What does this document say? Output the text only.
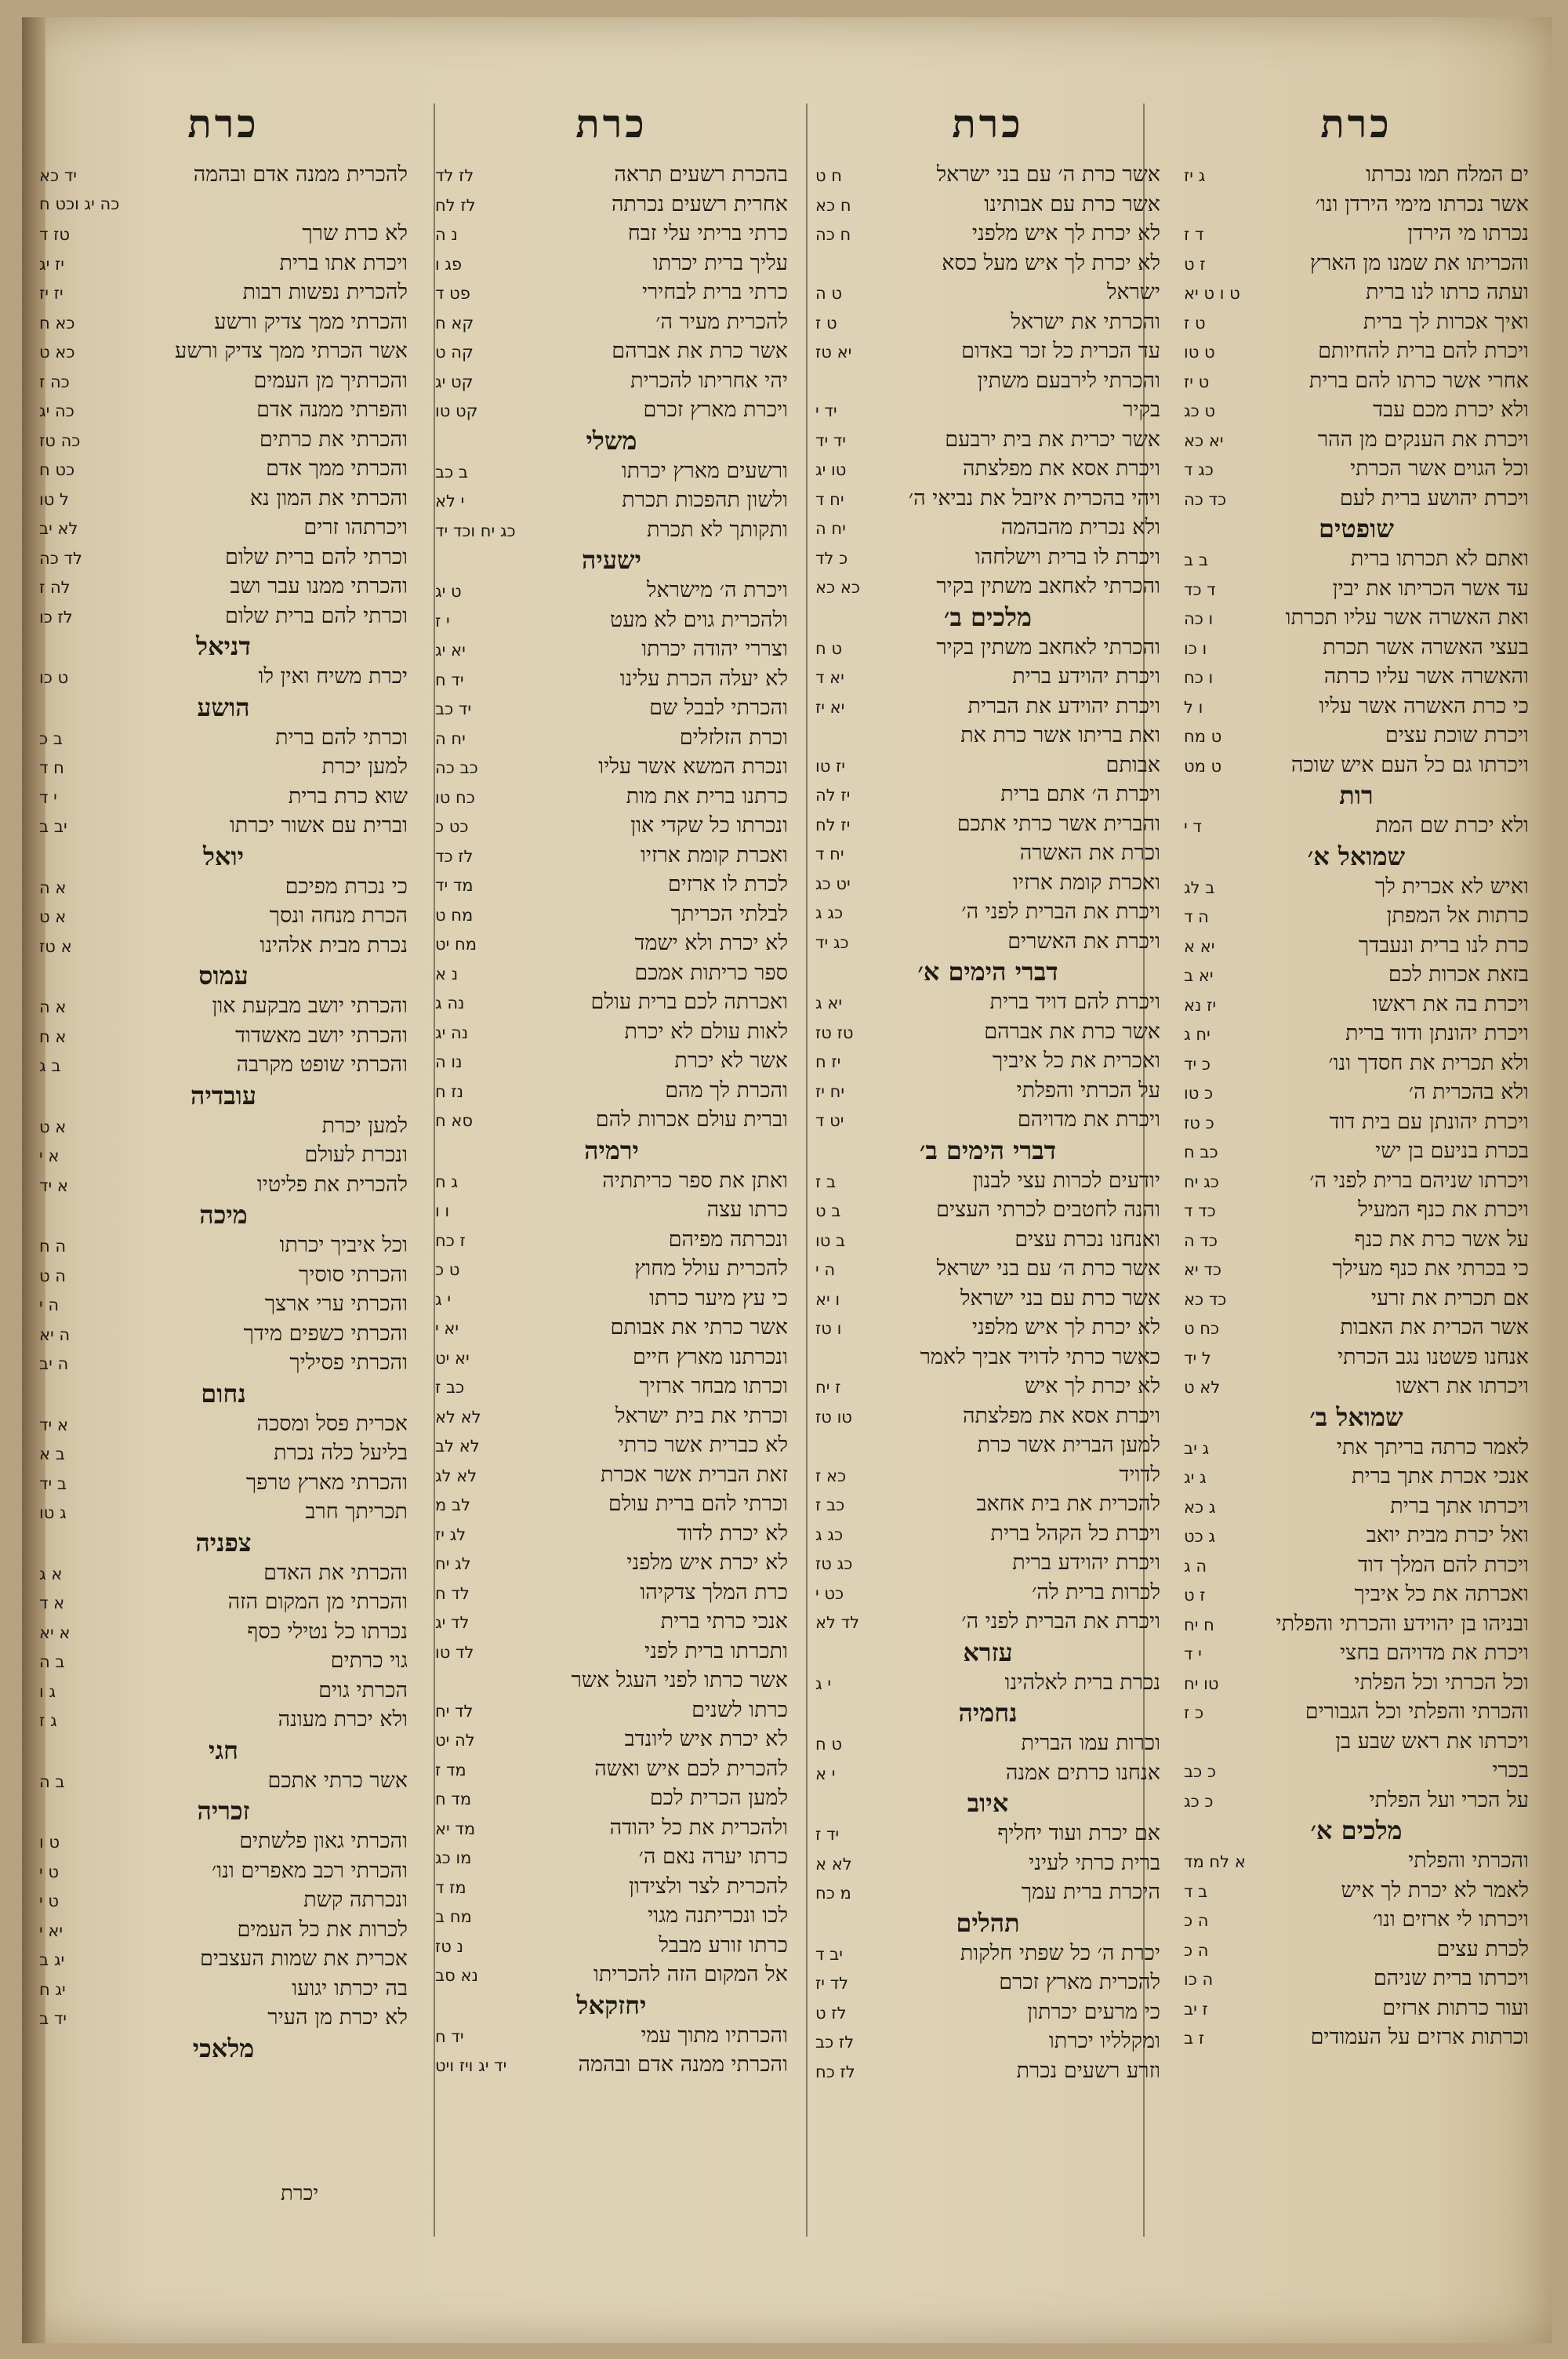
כרת
ים המלח תמו נכרתו
ג יז
אשר נכרתו מימי הירדן ונו׳
נכרתו מי הירדן
ד ז
והכריתו את שמנו מן הארץ
ז ט
ועתה כרתו לנו ברית
ט ו ט יא
ואיך אכרות לך ברית
ט ז
ויכרת להם ברית להחיותם
ט טו
אחרי אשר כרתו להם ברית
ט יז
ולא יכרת מכם עבד
ט כג
ויכרת את הענקים מן ההר
יא כא
וכל הגוים אשר הכרתי
כג ד
ויכרת יהושע ברית לעם
כד כה
שופטים
ואתם לא תכרתו ברית
ב ב
עד אשר הכריתו את יבין
ד כד
ואת האשרה אשר עליו תכרתו
ו כה
בעצי האשרה אשר תכרת
ו כו
והאשרה אשר עליו כרתה
ו כח
כי כרת האשרה אשר עליו
ו ל
ויכרת שוכת עצים
ט מח
ויכרתו גם כל העם איש שוכה
ט מט
רות
ולא יכרת שם המת
ד י
שמואל א׳
ואיש לא אכרית לך
ב לג
כרתות אל המפתן
ה ד
כרת לנו ברית ונעבדך
יא א
בזאת אכרות לכם
יא ב
ויכרת בה את ראשו
יז נא
ויכרת יהונתן ודוד ברית
יח ג
ולא תכרית את חסדך ונו׳
כ יד
ולא בהכרית ה׳
כ טו
ויכרת יהונתן עם בית דוד
כ טז
בכרת בניעם בן ישי
כב ח
ויכרתו שניהם ברית לפני ה׳
כג יח
ויכרת את כנף המעיל
כד ד
על אשר כרת את כנף
כד ה
כי בכרתי את כנף מעילך
כד יא
אם תכרית את זרעי
כד כא
אשר הכרית את האבות
כח ט
אנחנו פשטנו נגב הכרתי
ל יד
ויכרתו את ראשו
לא ט
שמואל ב׳
לאמר כרתה בריתך אתי
ג יב
אנכי אכרת אתך ברית
ג יג
ויכרתו אתך ברית
ג כא
ואל יכרת מבית יואב
ג כט
ויכרת להם המלך דוד
ה ג
ואכרתה את כל איביך
ז ט
ובניהו בן יהוידע והכרתי והפלתי
ח יח
ויכרת את מדויהם בחצי
י ד
וכל הכרתי וכל הפלתי
טו יח
והכרתי והפלתי וכל הגבורים
כ ז
ויכרתו את ראש שבע בן
בכרי
כ כב
על הכרי ועל הפלתי
כ כג
מלכים א׳
והכרתי והפלתי
א לח מד
לאמר לא יכרת לך איש
ב ד
ויכרתו לי ארזים ונו׳
ה כ
לכרת עצים
ה כ
ויכרתו ברית שניהם
ה כו
ועור כרתות ארזים
ז יב
וכרתות ארזים על העמודים
ז ב
כרת
אשר כרת ה׳ עם בני ישראל
ח ט
אשר כרת עם אבותינו
ח כא
לא יכרת לך איש מלפני
ח כה
לא יכרת לך איש מעל כסא
ישראל
ט ה
והכרתי את ישראל
ט ז
עד הכרית כל זכר באדום
יא טז
והכרתי לירבעם משתין
בקיר
יד י
אשר יכרית את בית ירבעם
יד יד
ויכרת אסא את מפלצתה
טו יג
ויהי בהכרית איזבל את נביאי ה׳
יח ד
ולא נכרית מהבהמה
יח ה
ויכרת לו ברית וישלחהו
כ לד
והכרתי לאחאב משתין בקיר
כא כא
מלכים ב׳
והכרתי לאחאב משתין בקיר
ט ח
ויכרת יהוידע ברית
יא ד
ויכרת יהוידע את הברית
יא יז
ואת בריתו אשר כרת את
אבותם
יז טו
ויכרת ה׳ אתם ברית
יז לה
והברית אשר כרתי אתכם
יז לח
וכרת את האשרה
יח ד
ואכרת קומת ארזיו
יט כג
ויכרת את הברית לפני ה׳
כג ג
ויכרת את האשרים
כג יד
דברי הימים א׳
ויכרת להם דויד ברית
יא ג
אשר כרת את אברהם
טז טז
ואכרית את כל איביך
יז ח
על הכרתי והפלתי
יח יז
ויכרת את מדויהם
יט ד
דברי הימים ב׳
יודעים לכרות עצי לבנון
ב ז
והנה לחטבים לכרתי העצים
ב ט
ואנחנו נכרת עצים
ב טו
אשר כרת ה׳ עם בני ישראל
ה י
אשר כרת עם בני ישראל
ו יא
לא יכרת לך איש מלפני
ו טז
כאשר כרתי לדויד אביך לאמר
לא יכרת לך איש
ז יח
ויכרת אסא את מפלצתה
טו טז
למען הברית אשר כרת
לדויד
כא ז
להכרית את בית אחאב
כב ז
ויכרת כל הקהל ברית
כג ג
ויכרת יהוידע ברית
כג טז
לכרות ברית לה׳
כט י
ויכרת את הברית לפני ה׳
לד לא
עזרא
נכרת ברית לאלהינו
י ג
נחמיה
וכרות עמו הברית
ט ח
אנחנו כרתים אמנה
י א
איוב
אם יכרת ועוד יחליף
יד ז
ברית כרתי לעיני
לא א
היכרת ברית עמך
מ כח
תהלים
יכרת ה׳ כל שפתי חלקות
יב ד
להכרית מארץ זכרם
לד יז
כי מרעים יכרתון
לז ט
ומקלליו יכרתו
לז כב
וזרע רשעים נכרת
לז כח
כרת
בהכרת רשעים תראה
לז לד
אחרית רשעים נכרתה
לז לח
כרתי בריתי עלי זבח
נ ה
עליך ברית יכרתו
פג ו
כרתי ברית לבחירי
פט ד
להכרית מעיר ה׳
קא ח
אשר כרת את אברהם
קה ט
יהי אחריתו להכרית
קט יג
ויכרת מארץ זכרם
קט טו
משלי
ורשעים מארץ יכרתו
ב כב
ולשון תהפכות תכרת
י לא
ותקותך לא תכרת
כג יח וכד יד
ישעיה
ויכרת ה׳ מישראל
ט יג
ולהכרית גוים לא מעט
י ז
וצררי יהודה יכרתו
יא יג
לא יעלה הכרת עלינו
יד ח
והכרתי לבבל שם
יד כב
וכרת הזלזלים
יח ה
ונכרת המשא אשר עליו
כב כה
כרתנו ברית את מות
כח טו
ונכרתו כל שקדי און
כט כ
ואכרת קומת ארזיו
לז כד
לכרת לו ארזים
מד יד
לבלתי הכריתך
מח ט
לא יכרת ולא ישמד
מח יט
ספר כריתות אמכם
נ א
ואכרתה לכם ברית עולם
נה ג
לאות עולם לא יכרת
נה יג
אשר לא יכרת
נו ה
והכרת לך מהם
נז ח
וברית עולם אכרות להם
סא ח
ירמיה
ואתן את ספר כריתתיה
ג ח
כרתו עצה
ו ו
ונכרתה מפיהם
ז כח
להכרית עולל מחוץ
ט כ
כי עץ מיער כרתו
י ג
אשר כרתי את אבותם
יא י
ונכרתנו מארץ חיים
יא יט
וכרתו מבחר ארזיך
כב ז
וכרתי את בית ישראל
לא לא
לא כברית אשר כרתי
לא לב
זאת הברית אשר אכרת
לא לג
וכרתי להם ברית עולם
לב מ
לא יכרת לדוד
לג יז
לא יכרת איש מלפני
לג יח
כרת המלך צדקיהו
לד ח
אנכי כרתי ברית
לד יג
ותכרתו ברית לפני
לד טו
אשר כרתו לפני העגל אשר
כרתו לשנים
לד יח
לא יכרת איש ליונדב
לה יט
להכרית לכם איש ואשה
מד ז
למען הכרית לכם
מד ח
ולהכרית את כל יהודה
מד יא
כרתו יערה נאם ה׳
מו כג
להכרית לצר ולצידון
מז ד
לכו ונכריתנה מגוי
מח ב
כרתו זורע מבבל
נ טז
אל המקום הזה להכריתו
נא סב
יחזקאל
והכרתיו מתוך עמי
יד ח
והכרתי ממנה אדם ובהמה
יד יג ויז ויט
כרת
להכרית ממנה אדם ובהמה
יד כא
כה יג וכט ח
לא כרת שרך
טז ד
ויכרת אתו ברית
יז יג
להכרית נפשות רבות
יז יז
והכרתי ממך צדיק ורשע
כא ח
אשר הכרתי ממך צדיק ורשע
כא ט
והכרתיך מן העמים
כה ז
והפרתי ממנה אדם
כה יג
והכרתי את כרתים
כה טז
והכרתי ממך אדם
כט ח
והכרתי את המון נא
ל טו
ויכרתהו זרים
לא יב
וכרתי להם ברית שלום
לד כה
והכרתי ממנו עבר ושב
לה ז
וכרתי להם ברית שלום
לז כו
דניאל
יכרת משיח ואין לו
ט כו
הושע
וכרתי להם ברית
ב כ
למען יכרת
ח ד
שוא כרת ברית
י ד
וברית עם אשור יכרתו
יב ב
יואל
כי נכרת מפיכם
א ה
הכרת מנחה ונסך
א ט
נכרת מבית אלהינו
א טז
עמוס
והכרתי יושב מבקעת און
א ה
והכרתי יושב מאשדוד
א ח
והכרתי שופט מקרבה
ב ג
עובדיה
למען יכרת
א ט
ונכרת לעולם
א י
להכרית את פליטיו
א יד
מיכה
וכל איביך יכרתו
ה ח
והכרתי סוסיך
ה ט
והכרתי ערי ארצך
ה י
והכרתי כשפים מידך
ה יא
והכרתי פסיליך
ה יב
נחום
אכרית פסל ומסכה
א יד
בליעל כלה נכרת
ב א
והכרתי מארץ טרפך
ב יד
תכריתך חרב
ג טו
צפניה
והכרתי את האדם
א ג
והכרתי מן המקום הזה
א ד
נכרתו כל נטילי כסף
א יא
גוי כרתים
ב ה
הכרתי גוים
ג ו
ולא יכרת מעונה
ג ז
חגי
אשר כרתי אתכם
ב ה
זכריה
והכרתי גאון פלשתים
ט ו
והכרתי רכב מאפרים ונו׳
ט י
ונכרתה קשת
ט י
לכרות את כל העמים
יא י
אכרית את שמות העצבים
יג ב
בה יכרתו יגועו
יג ח
לא יכרת מן העיר
יד ב
מלאכי
יכרת
